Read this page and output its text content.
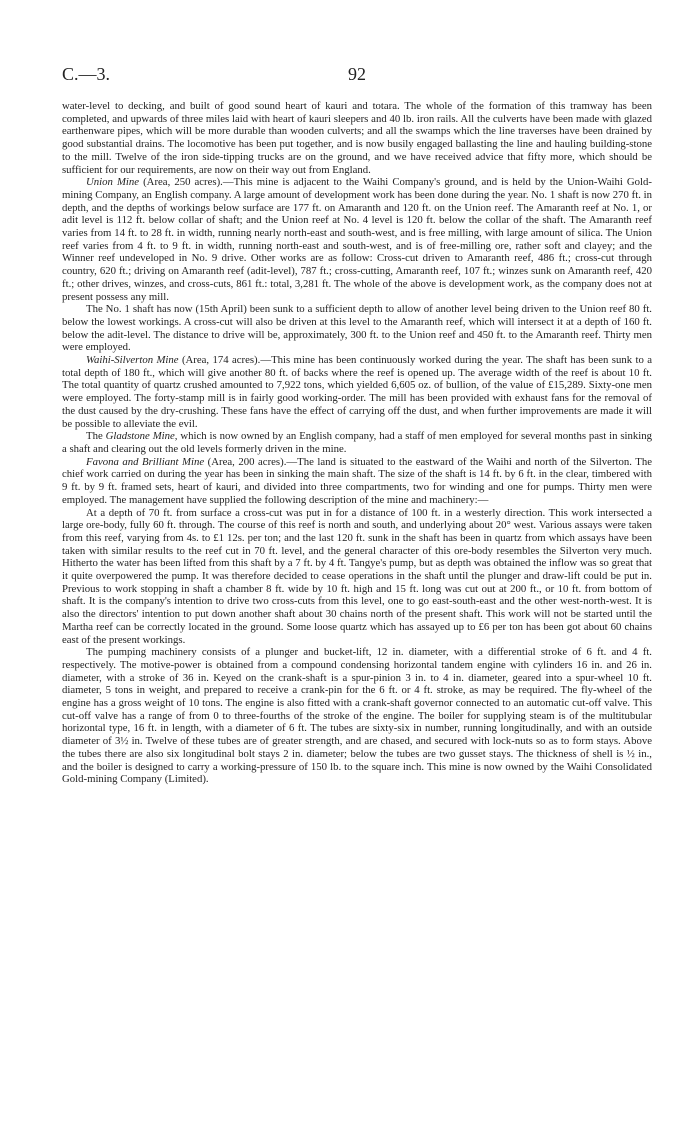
C.—3.	92

water-level to decking, and built of good sound heart of kauri and totara. The whole of the formation of this tramway has been completed, and upwards of three miles laid with heart of kauri sleepers and 40 lb. iron rails. All the culverts have been made with glazed earthenware pipes, which will be more durable than wooden culverts; and all the swamps which the line traverses have been drained by good substantial drains. The locomotive has been put together, and is now busily engaged ballasting the line and hauling building-stone to the mill. Twelve of the iron side-tipping trucks are on the ground, and we have received advice that fifty more, which should be sufficient for our requirements, are now on their way out from England.

Union Mine (Area, 250 acres).—This mine is adjacent to the Waihi Company's ground, and is held by the Union-Waihi Gold-mining Company, an English company. A large amount of development work has been done during the year. No. 1 shaft is now 270 ft. in depth, and the depths of workings below surface are 177 ft. on Amaranth and 120 ft. on the Union reef. The Amaranth reef at No. 1, or adit level is 112 ft. below collar of shaft; and the Union reef at No. 4 level is 120 ft. below the collar of the shaft. The Amaranth reef varies from 14 ft. to 28 ft. in width, running nearly north-east and south-west, and is free milling, with large amount of silica. The Union reef varies from 4 ft. to 9 ft. in width, running north-east and south-west, and is of free-milling ore, rather soft and clayey; and the Winner reef undeveloped in No. 9 drive. Other works are as follow: Cross-cut driven to Amaranth reef, 486 ft.; cross-cut through country, 620 ft.; driving on Amaranth reef (adit-level), 787 ft.; cross-cutting, Amaranth reef, 107 ft.; winzes sunk on Amaranth reef, 420 ft.; other drives, winzes, and cross-cuts, 861 ft.: total, 3,281 ft. The whole of the above is development work, as the company does not at present possess any mill.

The No. 1 shaft has now (15th April) been sunk to a sufficient depth to allow of another level being driven to the Union reef 80 ft. below the lowest workings. A cross-cut will also be driven at this level to the Amaranth reef, which will intersect it at a depth of 160 ft. below the adit-level. The distance to drive will be, approximately, 300 ft. to the Union reef and 450 ft. to the Amaranth reef. Thirty men were employed.

Waihi-Silverton Mine (Area, 174 acres).—This mine has been continuously worked during the year. The shaft has been sunk to a total depth of 180 ft., which will give another 80 ft. of backs where the reef is opened up. The average width of the reef is about 10 ft. The total quantity of quartz crushed amounted to 7,922 tons, which yielded 6,605 oz. of bullion, of the value of £15,289. Sixty-one men were employed. The forty-stamp mill is in fairly good working-order. The mill has been provided with exhaust fans for the removal of the dust caused by the dry-crushing. These fans have the effect of carrying off the dust, and when further improvements are made it will be possible to alleviate the evil.

The Gladstone Mine, which is now owned by an English company, had a staff of men employed for several months past in sinking a shaft and clearing out the old levels formerly driven in the mine.

Favona and Brilliant Mine (Area, 200 acres).—The land is situated to the eastward of the Waihi and north of the Silverton. The chief work carried on during the year has been in sinking the main shaft. The size of the shaft is 14 ft. by 6 ft. in the clear, timbered with 9 ft. by 9 ft. framed sets, heart of kauri, and divided into three compartments, two for winding and one for pumps. Thirty men were employed. The management have supplied the following description of the mine and machinery:—

At a depth of 70 ft. from surface a cross-cut was put in for a distance of 100 ft. in a westerly direction. This work intersected a large ore-body, fully 60 ft. through. The course of this reef is north and south, and underlying about 20° west. Various assays were taken from this reef, varying from 4s. to £1 12s. per ton; and the last 120 ft. sunk in the shaft has been in quartz from which assays have been taken with similar results to the reef cut in 70 ft. level, and the general character of this ore-body resembles the Silverton very much. Hitherto the water has been lifted from this shaft by a 7 ft. by 4 ft. Tangye's pump, but as depth was obtained the inflow was so great that it quite overpowered the pump. It was therefore decided to cease operations in the shaft until the plunger and draw-lift could be put in. Previous to work stopping in shaft a chamber 8 ft. wide by 10 ft. high and 15 ft. long was cut out at 200 ft., or 10 ft. from bottom of shaft. It is the company's intention to drive two cross-cuts from this level, one to go east-south-east and the other west-north-west. It is also the directors' intention to put down another shaft about 30 chains north of the present shaft. This work will not be started until the Martha reef can be correctly located in the ground. Some loose quartz which has assayed up to £6 per ton has been got about 60 chains east of the present workings.

The pumping machinery consists of a plunger and bucket-lift, 12 in. diameter, with a differential stroke of 6 ft. and 4 ft. respectively. The motive-power is obtained from a compound condensing horizontal tandem engine with cylinders 16 in. and 26 in. diameter, with a stroke of 36 in. Keyed on the crank-shaft is a spur-pinion 3 in. to 4 in. diameter, geared into a spur-wheel 10 ft. diameter, 5 tons in weight, and prepared to receive a crank-pin for the 6 ft. or 4 ft. stroke, as may be required. The fly-wheel of the engine has a gross weight of 10 tons. The engine is also fitted with a crank-shaft governor connected to an automatic cut-off valve. This cut-off valve has a range of from 0 to three-fourths of the stroke of the engine. The boiler for supplying steam is of the multitubular horizontal type, 16 ft. in length, with a diameter of 6 ft. The tubes are sixty-six in number, running longitudinally, and with an outside diameter of 3½ in. Twelve of these tubes are of greater strength, and are chased, and secured with lock-nuts so as to form stays. Above the tubes there are also six longitudinal bolt stays 2 in. diameter; below the tubes are two gusset stays. The thickness of shell is ½ in., and the boiler is designed to carry a working-pressure of 150 lb. to the square inch. This mine is now owned by the Waihi Consolidated Gold-mining Company (Limited).
